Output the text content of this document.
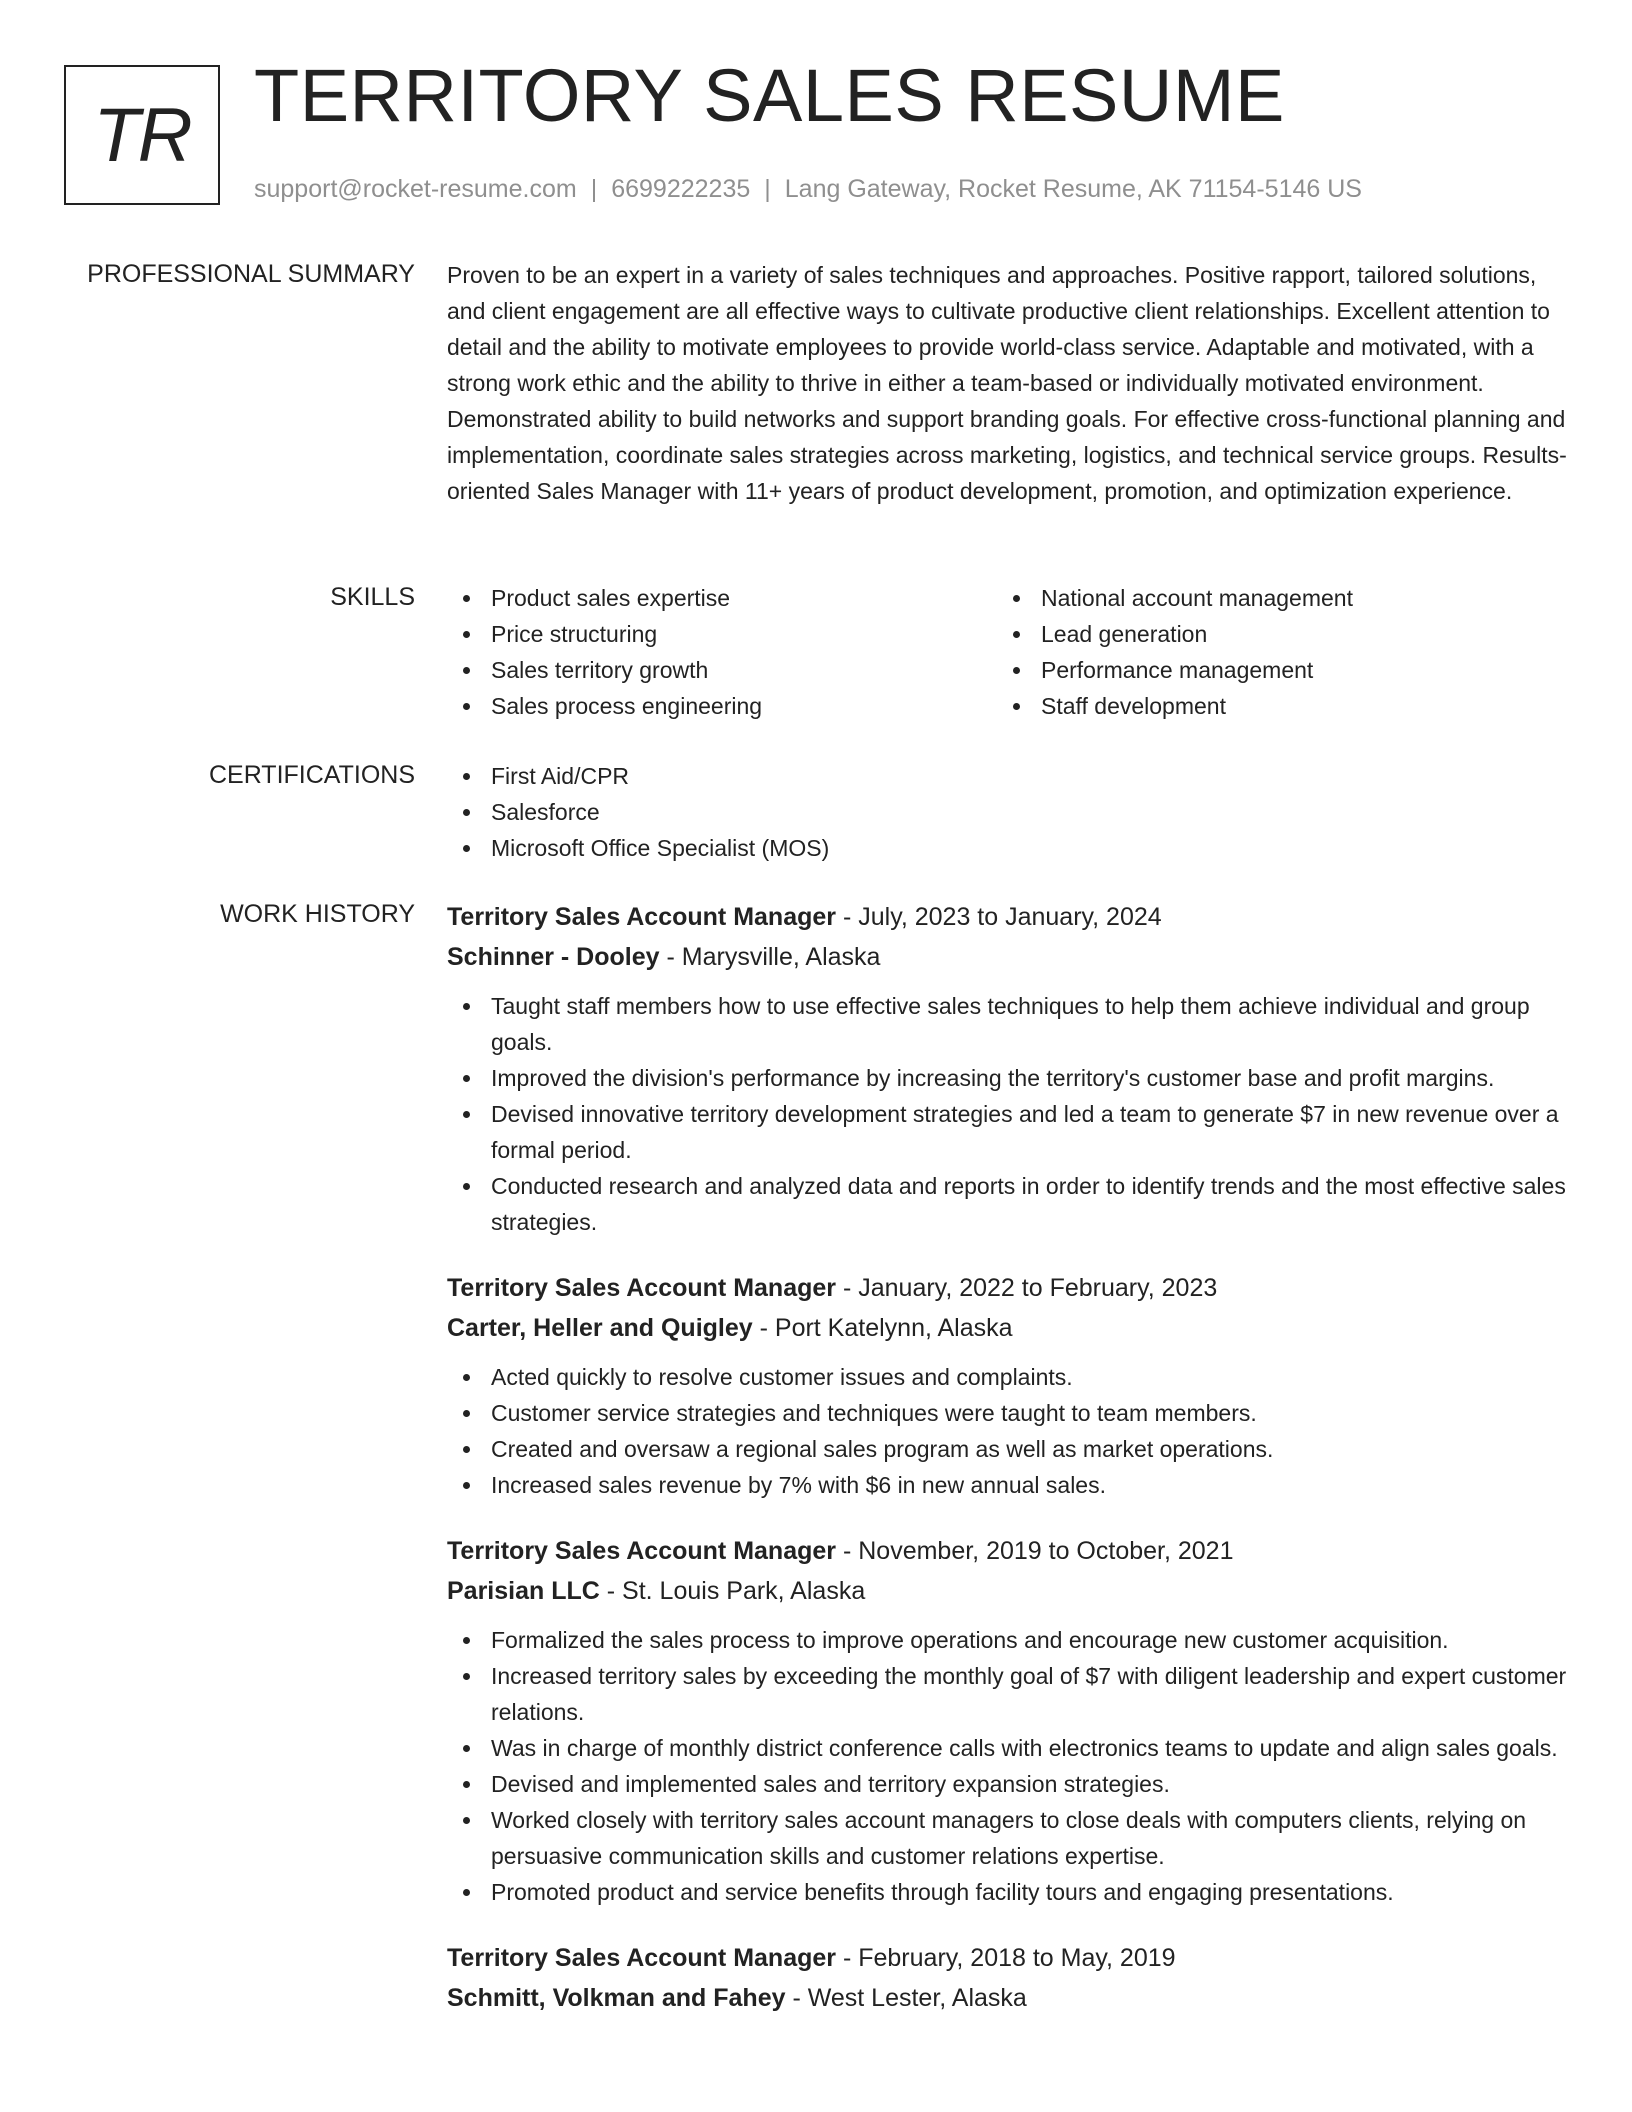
TR TERRITORY SALES RESUME
support@rocket-resume.com | 6699222235 | Lang Gateway, Rocket Resume, AK 71154-5146 US
PROFESSIONAL SUMMARY Proven to be an expert in a variety of sales techniques and approaches. Positive rapport, tailored solutions, and client engagement are all effective ways to cultivate productive client relationships. Excellent attention to detail and the ability to motivate employees to provide world-class service. Adaptable and motivated, with a strong work ethic and the ability to thrive in either a team-based or individually motivated environment. Demonstrated ability to build networks and support branding goals. For effective cross-functional planning and implementation, coordinate sales strategies across marketing, logistics, and technical service groups. Results-oriented Sales Manager with 11+ years of product development, promotion, and optimization experience.

SKILLS	Product sales expertise
Price structuring
Sales territory growth
Sales process engineering
National account management
Lead generation
Performance management
Staff development
CERTIFICATIONS	First Aid/CPR
Salesforce
Microsoft Office Specialist (MOS)
WORK HISTORY Territory Sales Account Manager - July, 2023 to January, 2024
Schinner - Dooley - Marysville, Alaska
Taught staff members how to use effective sales techniques to help them achieve individual and group goals.
Improved the division's performance by increasing the territory's customer base and profit margins.
Devised innovative territory development strategies and led a team to generate $7 in new revenue over a formal period.
Conducted research and analyzed data and reports in order to identify trends and the most effective sales strategies.
Territory Sales Account Manager - January, 2022 to February, 2023
Carter, Heller and Quigley - Port Katelynn, Alaska
Acted quickly to resolve customer issues and complaints.
Customer service strategies and techniques were taught to team members.
Created and oversaw a regional sales program as well as market operations.
Increased sales revenue by 7% with $6 in new annual sales.
Territory Sales Account Manager - November, 2019 to October, 2021
Parisian LLC - St. Louis Park, Alaska
Formalized the sales process to improve operations and encourage new customer acquisition.
Increased territory sales by exceeding the monthly goal of $7 with diligent leadership and expert customer relations.
Was in charge of monthly district conference calls with electronics teams to update and align sales goals.
Devised and implemented sales and territory expansion strategies.
Worked closely with territory sales account managers to close deals with computers clients, relying on persuasive communication skills and customer relations expertise.
Promoted product and service benefits through facility tours and engaging presentations.
Territory Sales Account Manager - February, 2018 to May, 2019
Schmitt, Volkman and Fahey - West Lester, Alaska
